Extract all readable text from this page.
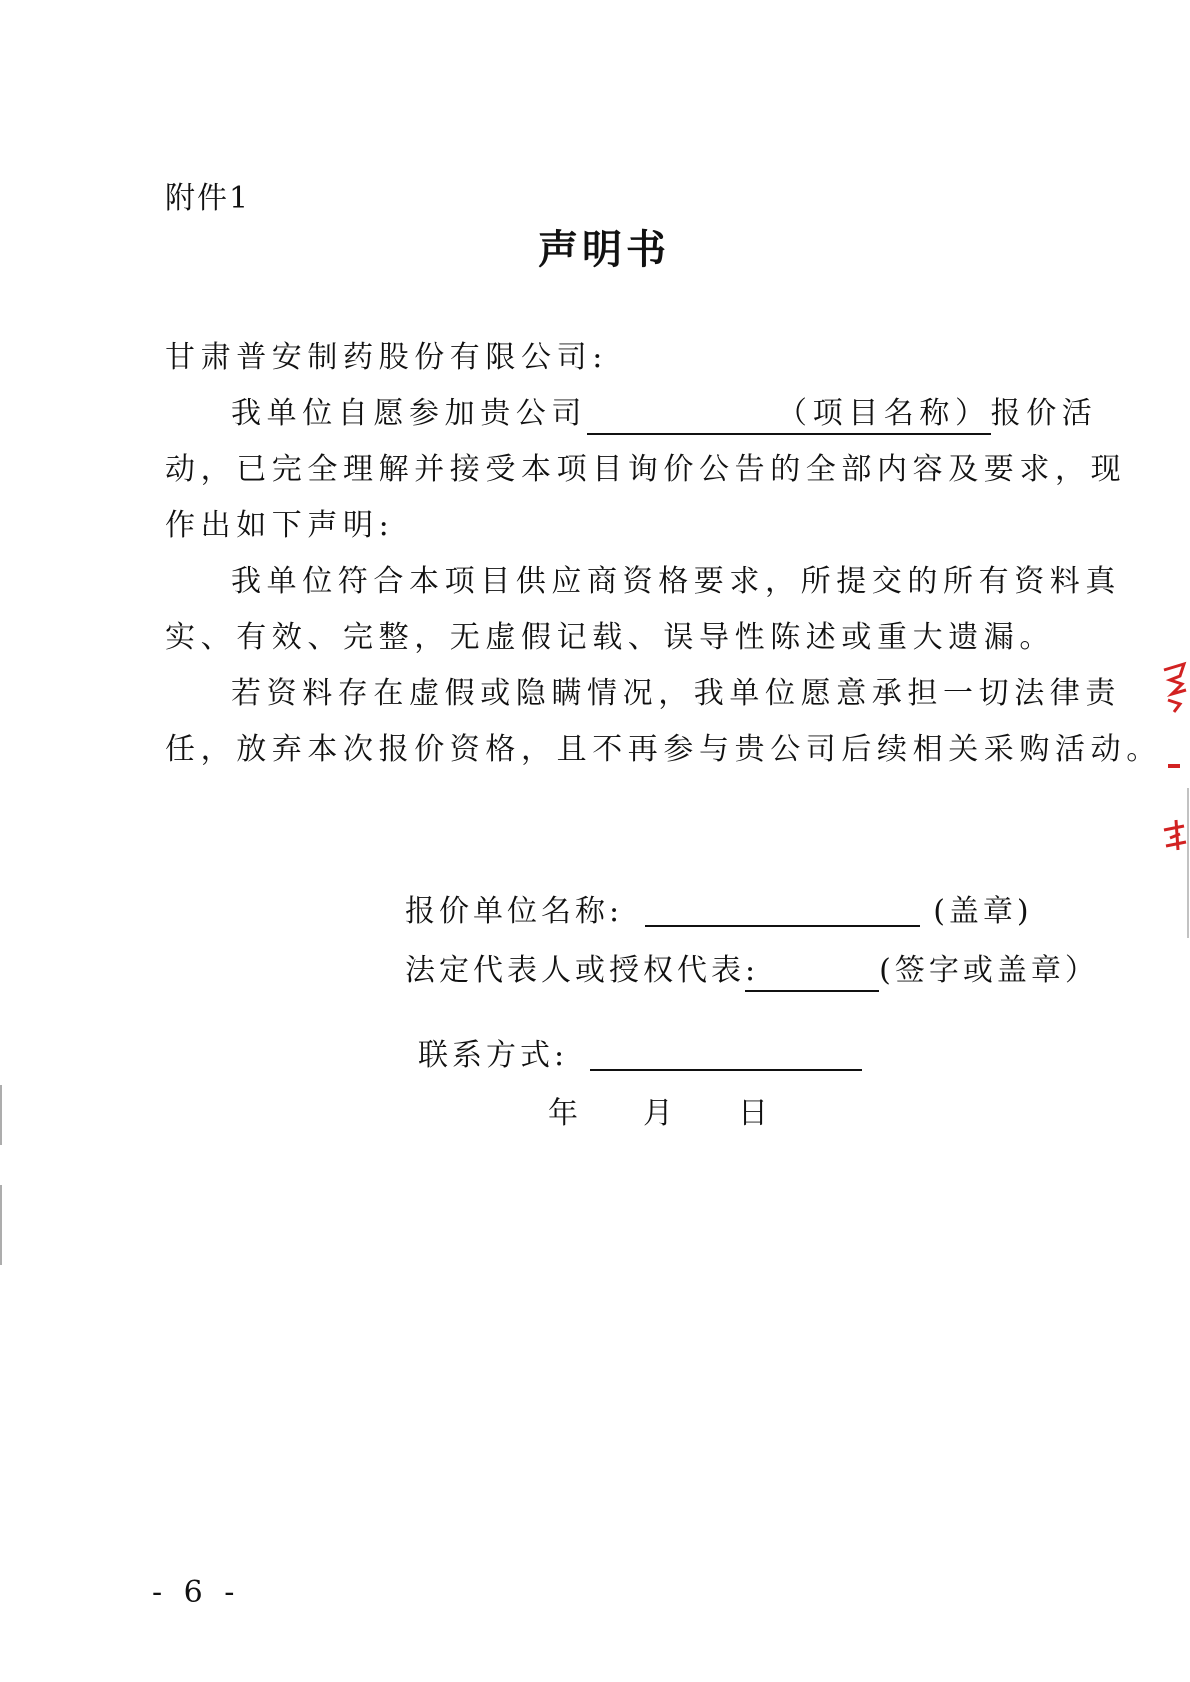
附件1
声明书
甘肃普安制药股份有限公司:
我单位自愿参加贵公司	（项目名称）报价活
动，已完全理解并接受本项目询价公告的全部内容及要求，现
作出如下声明:
我单位符合本项目供应商资格要求，所提交的所有资料真
实、有效、完整，无虚假记载、误导性陈述或重大遗漏。
若资料存在虚假或隐瞒情况，我单位愿意承担一切法律责
任，放弃本次报价资格，且不再参与贵公司后续相关采购活动。
报价单位名称:	(盖章)
法定代表人或授权代表:	(签字或盖章）
联系方式:
年 月 日
- 6 -
